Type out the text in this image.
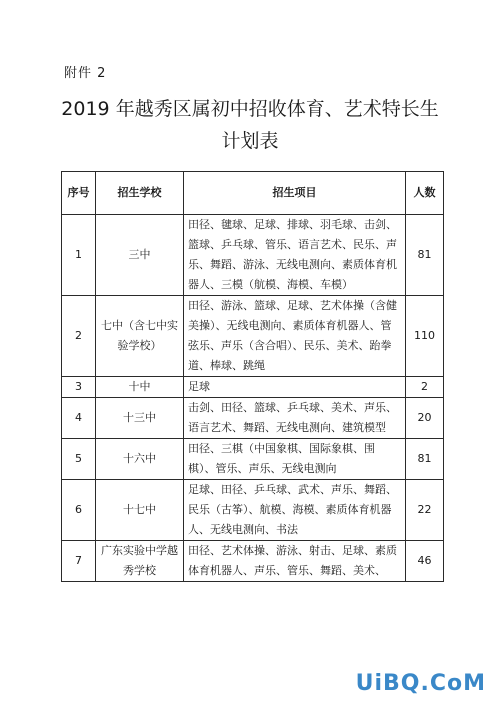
附件 2
2019 年越秀区属初中招收体育、艺术特长生
计划表
序号	招生学校	招生项目	人数
1	三中	田径、毽球、足球、排球、羽毛球、击剑、篮球、乒乓球、管乐、语言艺术、民乐、声乐、舞蹈、游泳、无线电测向、素质体育机器人、三模（航模、海模、车模）	81
2	七中（含七中实验学校）	田径、游泳、篮球、足球、艺术体操（含健美操）、无线电测向、素质体育机器人、管弦乐、声乐（含合唱）、民乐、美术、跆拳道、棒球、跳绳	110
3	十中	足球	2
4	十三中	击剑、田径、篮球、乒乓球、美术、声乐、语言艺术、舞蹈、无线电测向、建筑模型	20
5	十六中	田径、三棋（中国象棋、国际象棋、围棋）、管乐、声乐、无线电测向	81
6	十七中	足球、田径、乒乓球、武术、声乐、舞蹈、民乐（古筝）、航模、海模、素质体育机器人、无线电测向、书法	22
7	广东实验中学越秀学校	田径、艺术体操、游泳、射击、足球、素质体育机器人、声乐、管乐、舞蹈、美术、	46
UiBQ.CoM
